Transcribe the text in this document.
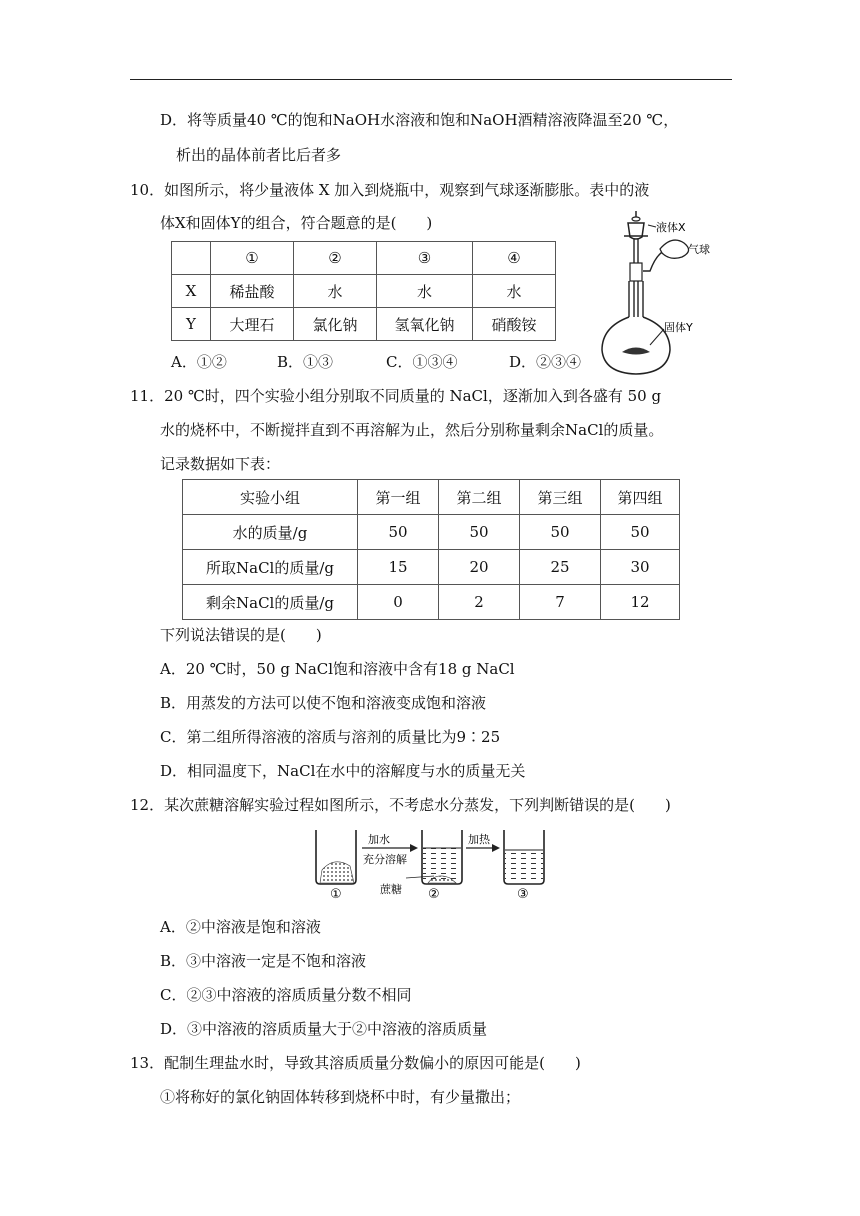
D．将等质量40 ℃的饱和NaOH水溶液和饱和NaOH酒精溶液降温至20 ℃，
析出的晶体前者比后者多
10．如图所示，将少量液体 X 加入到烧瓶中，观察到气球逐渐膨胀。表中的液
体X和固体Y的组合，符合题意的是(　　)
	①	②	③	④
X	稀盐酸	水	水	水
Y	大理石	氯化钠	氢氧化钠	硝酸铵
A．①②	B．①③	C．①③④	D．②③④
液体X
气球
固体Y
11．20 ℃时，四个实验小组分别取不同质量的 NaCl，逐渐加入到各盛有 50 g
水的烧杯中，不断搅拌直到不再溶解为止，然后分别称量剩余NaCl的质量。
记录数据如下表：
实验小组	第一组	第二组	第三组	第四组
水的质量/g	50	50	50	50
所取NaCl的质量/g	15	20	25	30
剩余NaCl的质量/g	0	2	7	12
下列说法错误的是(　　)
A．20 ℃时，50 g NaCl饱和溶液中含有18 g NaCl
B．用蒸发的方法可以使不饱和溶液变成饱和溶液
C．第二组所得溶液的溶质与溶剂的质量比为9∶25
D．相同温度下，NaCl在水中的溶解度与水的质量无关
12．某次蔗糖溶解实验过程如图所示，不考虑水分蒸发，下列判断错误的是(　　)
加水
充分溶解
蔗糖
加热
①	②	③
A．②中溶液是饱和溶液
B．③中溶液一定是不饱和溶液
C．②③中溶液的溶质质量分数不相同
D．③中溶液的溶质质量大于②中溶液的溶质质量
13．配制生理盐水时，导致其溶质质量分数偏小的原因可能是(　　)
①将称好的氯化钠固体转移到烧杯中时，有少量撒出；
